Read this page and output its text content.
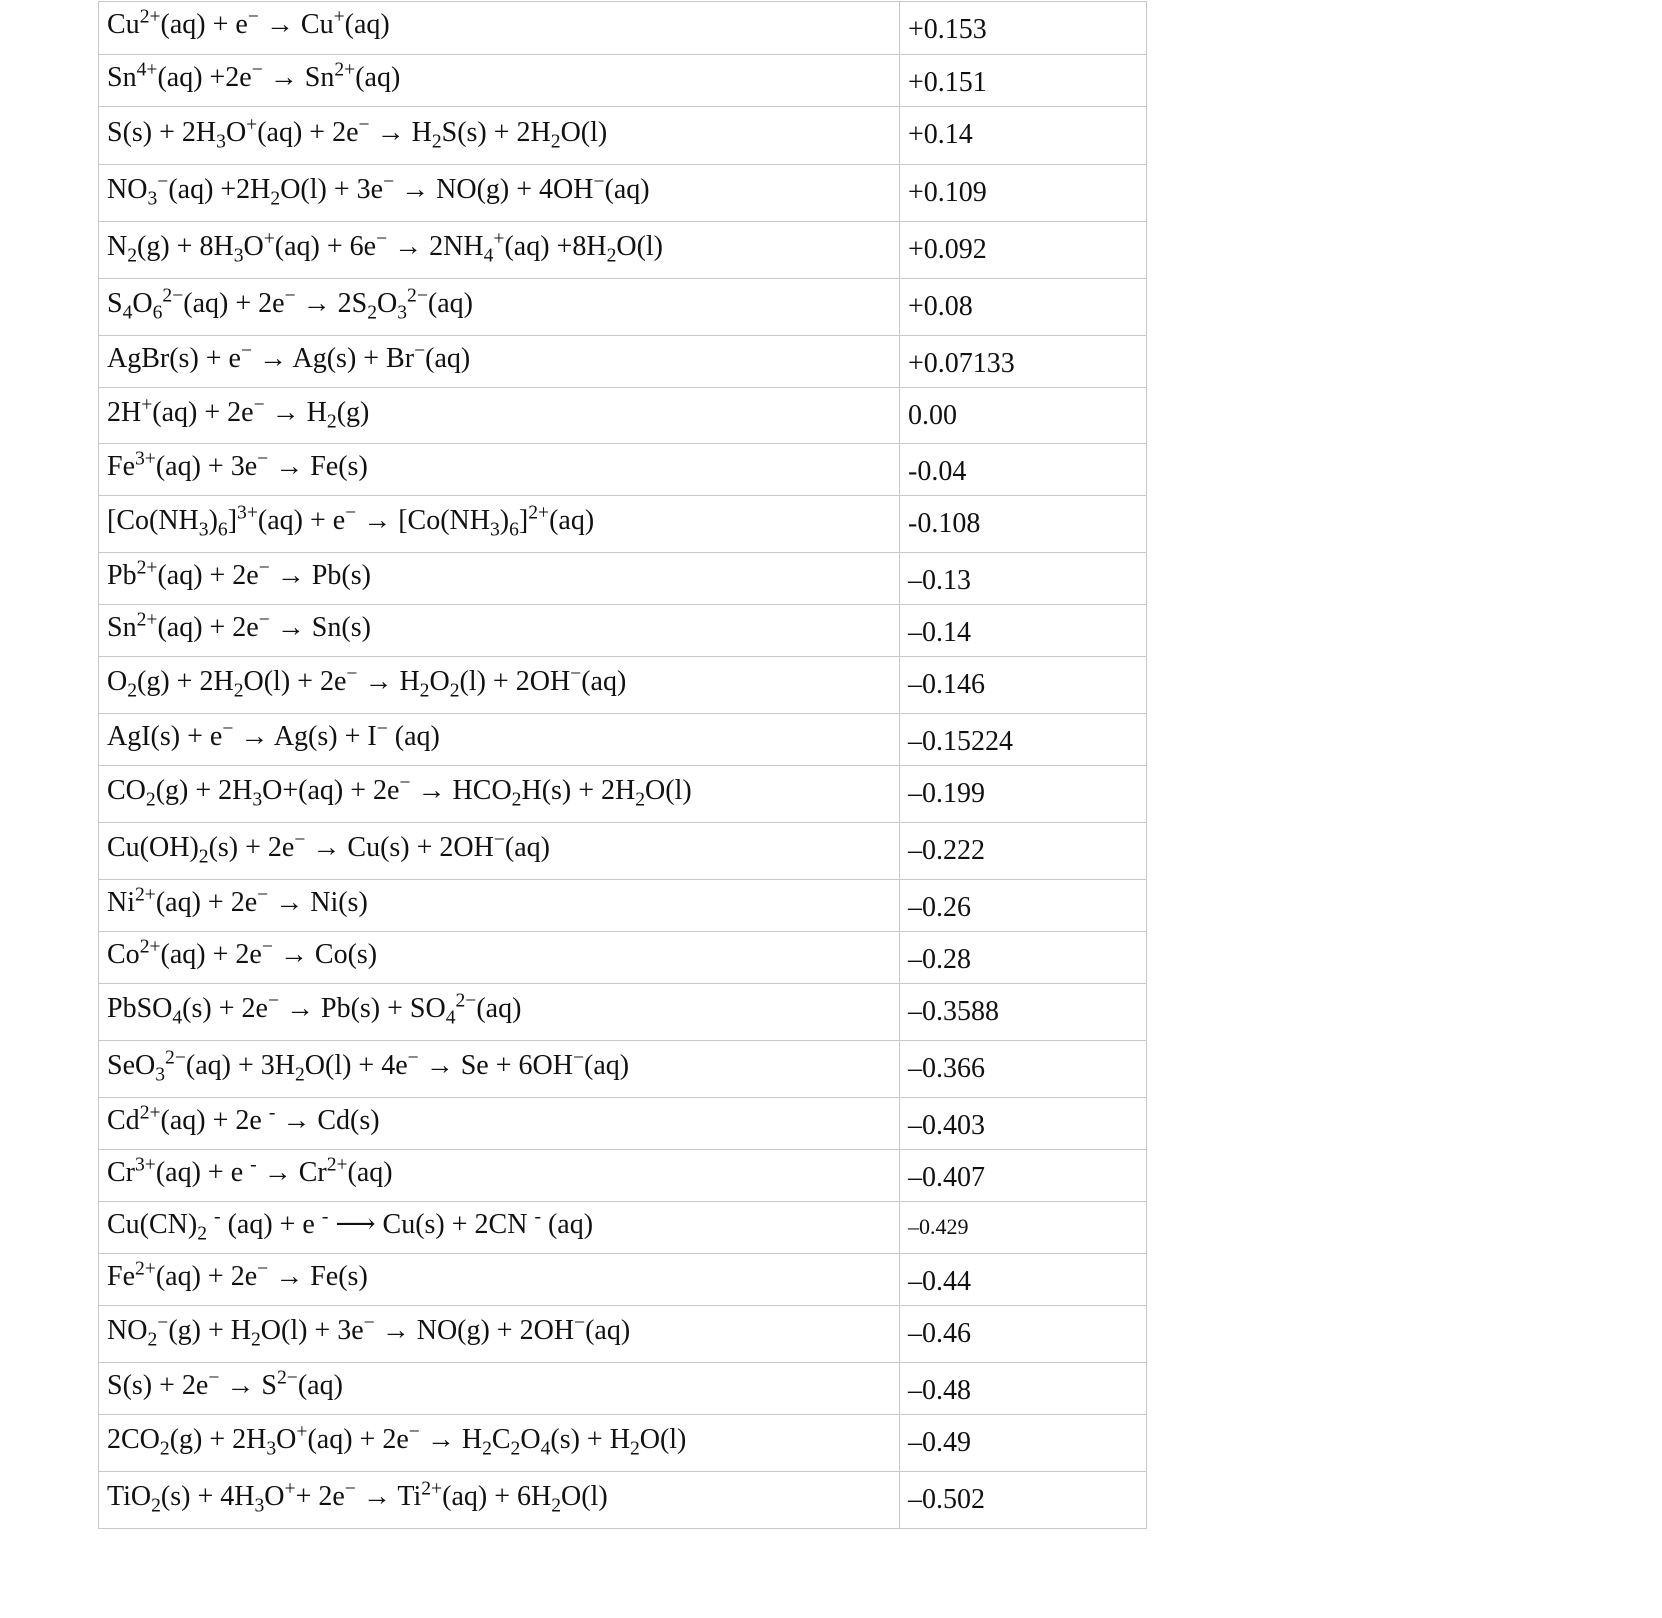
$Cu^{2+}(aq) + e^- \to Cu^+(aq)$	+0.153
$Sn^{4+}(aq) +2e^- \to Sn^{2+}(aq)$	+0.151
$S(s) + 2H_3O^+(aq) + 2e^- \to H_2S(s) + 2H_2O(l)$	+0.14
$NO_3^-(aq) +2H_2O(l) + 3e^- \to NO(g) + 4OH^-(aq)$	+0.109
$N_2(g) + 8H_3O^+(aq) + 6e^- \to 2NH_4^+(aq) +8H_2O(l)$	+0.092
$S_4O_6^{2-}(aq) + 2e^- \to 2S_2O_3^{2-}(aq)$	+0.08
AgBr(s) + e− → Ag(s) + Br−(aq)	+0.07133
$2H^+(aq) + 2e^- \to H_2(g)$	0.00
$Fe^{3+}(aq) + 3e^- \to Fe(s)$	-0.04
$[Co(NH_3)_6]^{3+}(aq) + e^- \to [Co(NH_3)_6]^{2+}(aq)$	-0.108
$Pb^{2+}(aq) + 2e^- \to Pb(s)$	–0.13
$Sn^{2+}(aq) + 2e^- \to Sn(s)$	–0.14
$O_2(g) + 2H_2O(l) + 2e^- \to H_2O_2(l) + 2OH^-(aq)$	–0.146
AgI(s) + e− → Ag(s) + I− (aq)	–0.15224
$CO_2(g) + 2H_3O+(aq) + 2e^- \to HCO_2H(s) + 2H_2O(l)$	–0.199
$Cu(OH)_2(s) + 2e^- \to Cu(s) + 2OH^-(aq)$	–0.222
$Ni^{2+}(aq) + 2e^- \to Ni(s)$	–0.26
$Co^{2+}(aq) + 2e^- \to Co(s)$	–0.28
PbSO$_4$(s) + $2e^- \to Pb(s) + SO_4^{2-}(aq)$	–0.3588
$SeO_3^{2-}(aq) + 3H_2O(l) + 4e^- \to Se + 6OH^-(aq)$	–0.366
$Cd^{2+}(aq) + 2e$ - → Cd(s)	–0.403
$Cr^{3+}(aq) + e$ $^- \to Cr^{2+}(aq)$	–0.407
$Cu(CN)_2$ - (aq) + e - ⟶ Cu(s) + 2CN - (aq)	–0.429
$Fe^{2+}(aq) + 2e^- \to Fe(s)$	–0.44
$NO_2^-(g) + H_2O(l) + 3e^- \to NO(g) + 2OH^-(aq)$	–0.46
$S(s) + 2e^- \to S^{2-}(aq)$	–0.48
$2CO_2(g) + 2H_3O^+(aq) + 2e^- \to H_2C_2O_4(s) + H_2O(l)$	–0.49
$TiO_2(s) + 4H_3O^++ 2e^- \to Ti^{2+}(aq) + 6H_2O(l)$	–0.502
